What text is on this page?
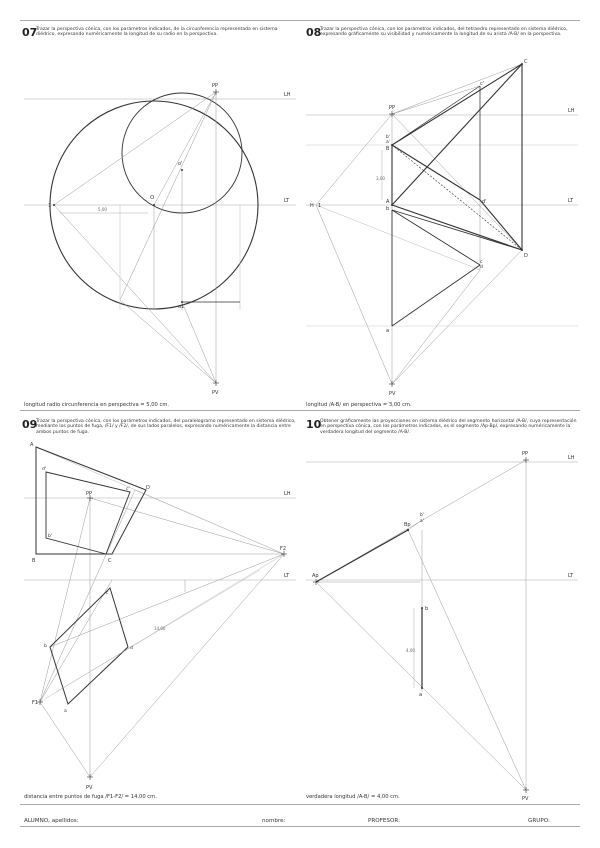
07
Trazar la perspectiva cónica, con los parámetros indicados, de la circunferencia representada en sistema diédrico, expresando numéricamente la longitud de su radio en la perspectiva.
PP
LH
LT
PV
O
o'
o1
1
5,00
longitud radio circunferencia en perspectiva = 5,00 cm.
08
Trazar la perspectiva cónica, con los parámetros indicados, del tetraedro representado en sistema diédrico, expresando gráficamente su visibilidad y numéricamente la longitud de su arista /A-B/ en la perspectiva.
PP	LH
LT
PV
H 1
C
c'
b'
a'
B
A
b
d'
D
c
d
a
3,00
longitud /A-B/ en perspectiva = 3,00 cm.
09
Trazar la perspectiva cónica, con los parámetros indicados, del paralelogramo representado en sistema diédrico, mediante los puntos de fuga, /F1/ y /F2/, de sus lados paralelos, expresando numéricamente la distancia entre ambos puntos de fuga.
A
d'
c'	D
PP	LH
b'
B	C
F2
LT
c
b	d
F1
a
PV
14,00
distancia entre puntos de fuga /F1-F2/ = 14,00 cm.
10
Obtener gráficamente las proyecciones en sistema diédrico del segmento horizontal /A-B/, cuya representación en perspectiva cónica, con los parámetros indicados, es el segmento /Ap-Bp/, expresando numéricamente la verdadera longitud del segmento /A-B/.
PP
LH
LT
PV
Ap
Bp
b'
a'
b
a
4,00
verdadera longitud /A-B/ = 4,00 cm.
ALUMNO, apellidos:	nombre:	PROFESOR:	GRUPO:
